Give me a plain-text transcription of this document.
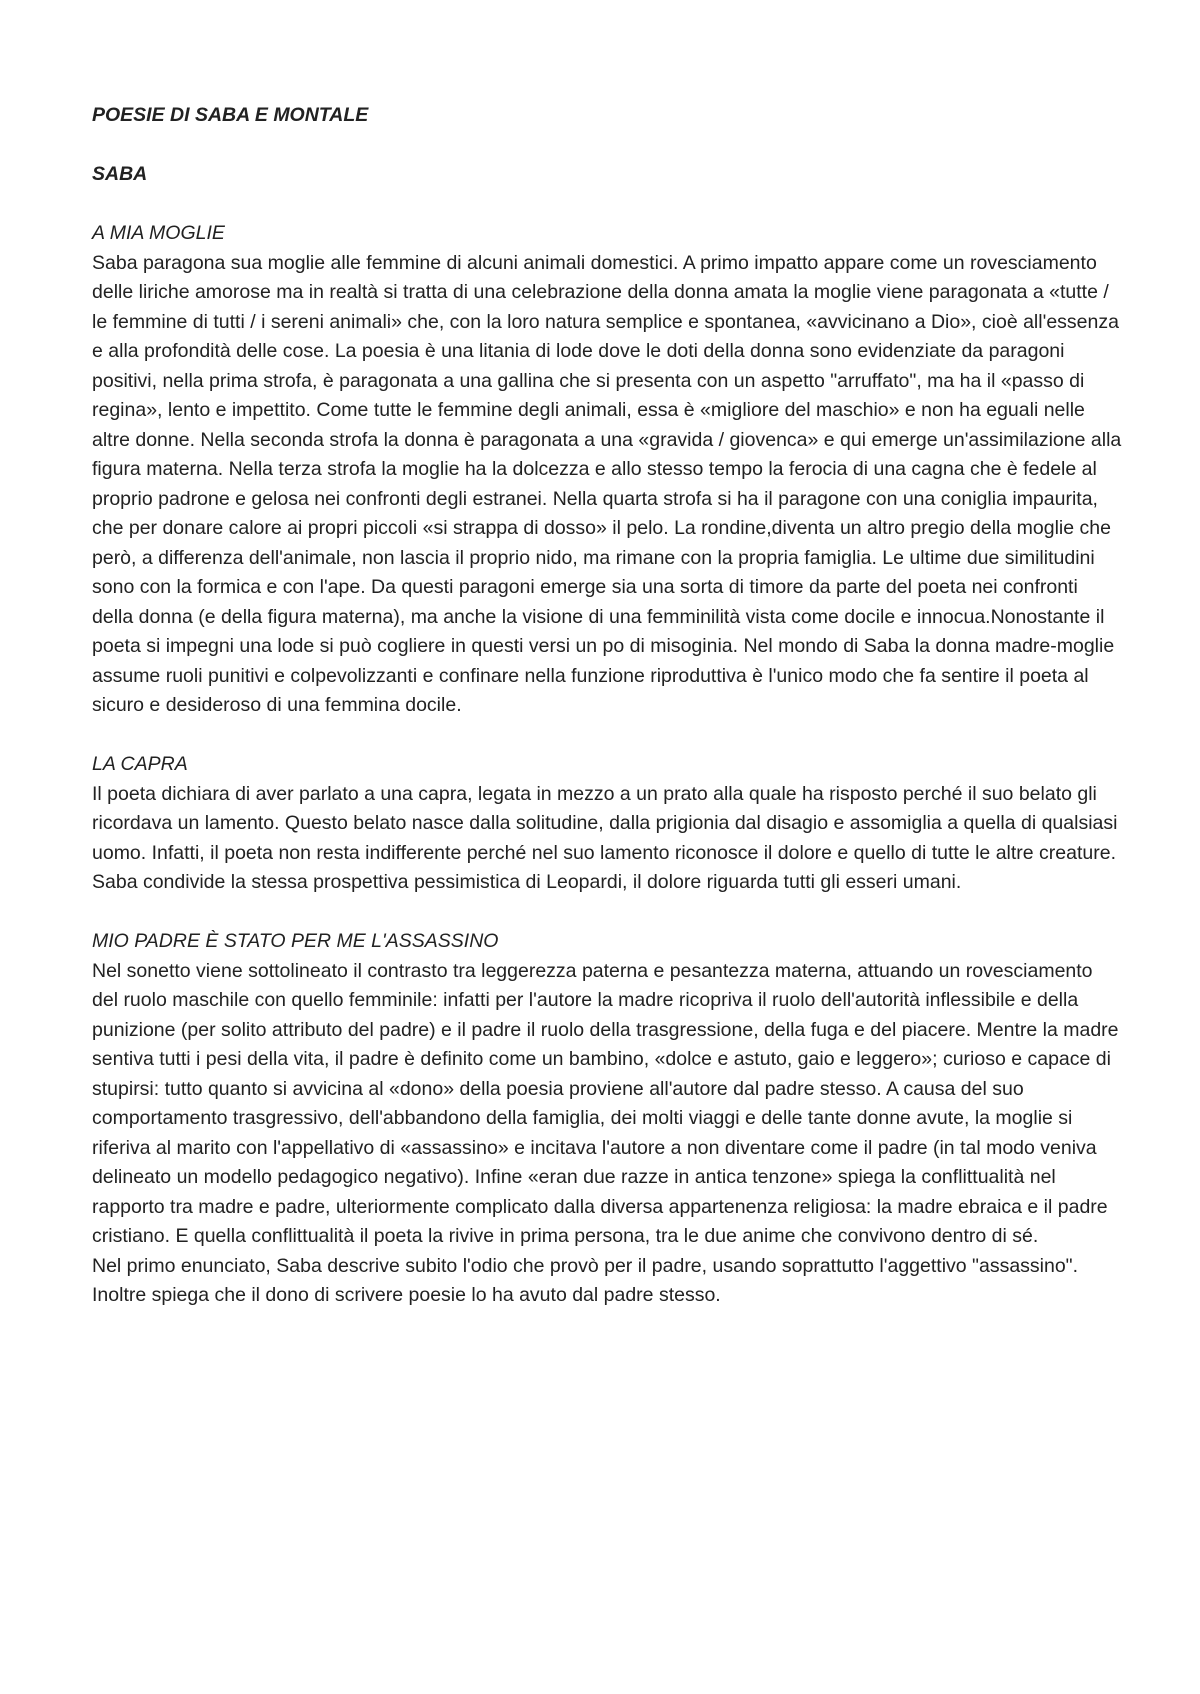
POESIE DI SABA E MONTALE

SABA

A MIA MOGLIE

Saba paragona sua moglie alle femmine di alcuni animali domestici. A primo impatto appare come un rovesciamento delle liriche amorose ma in realtà si tratta di una celebrazione della donna amata la moglie viene paragonata a «tutte / le femmine di tutti / i sereni animali» che, con la loro natura semplice e spontanea, «avvicinano a Dio», cioè all'essenza e alla profondità delle cose. La poesia è una litania di lode dove le doti della donna sono evidenziate da paragoni positivi, nella prima strofa, è paragonata a una gallina che si presenta con un aspetto "arruffato", ma ha il «passo di regina», lento e impettito. Come tutte le femmine degli animali, essa è «migliore del maschio» e non ha eguali nelle altre donne. Nella seconda strofa la donna è paragonata a una «gravida / giovenca» e qui emerge un'assimilazione alla figura materna. Nella terza strofa la moglie ha la dolcezza e allo stesso tempo la ferocia di una cagna che è fedele al proprio padrone e gelosa nei confronti degli estranei. Nella quarta strofa si ha il paragone con una coniglia impaurita, che per donare calore ai propri piccoli «si strappa di dosso» il pelo. La rondine,diventa un altro pregio della moglie che però, a differenza dell'animale, non lascia il proprio nido, ma rimane con la propria famiglia. Le ultime due similitudini sono con la formica e con l'ape. Da questi paragoni emerge sia una sorta di timore da parte del poeta nei confronti della donna (e della figura materna), ma anche la visione di una femminilità vista come docile e innocua.Nonostante il poeta si impegni una lode si può cogliere in questi versi un po di misoginia. Nel mondo di Saba la donna madre-moglie assume ruoli punitivi e colpevolizzanti e confinare nella funzione riproduttiva è l'unico modo che fa sentire il poeta al sicuro e desideroso di una femmina docile.

LA CAPRA

Il poeta dichiara di aver parlato a una capra, legata in mezzo a un prato alla quale ha risposto perché il suo belato gli ricordava un lamento. Questo belato nasce dalla solitudine, dalla prigionia dal disagio e assomiglia a quella di qualsiasi uomo. Infatti, il poeta non resta indifferente perché nel suo lamento riconosce il dolore e quello di tutte le altre creature. Saba condivide la stessa prospettiva pessimistica di Leopardi, il dolore riguarda tutti gli esseri umani.

MIO PADRE È STATO PER ME L'ASSASSINO

Nel sonetto viene sottolineato il contrasto tra leggerezza paterna e pesantezza materna, attuando un rovesciamento del ruolo maschile con quello femminile: infatti per l'autore la madre ricopriva il ruolo dell'autorità inflessibile e della punizione (per solito attributo del padre) e il padre il ruolo della trasgressione, della fuga e del piacere. Mentre la madre sentiva tutti i pesi della vita, il padre è definito come un bambino, «dolce e astuto, gaio e leggero»; curioso e capace di stupirsi: tutto quanto si avvicina al «dono» della poesia proviene all'autore dal padre stesso. A causa del suo comportamento trasgressivo, dell'abbandono della famiglia, dei molti viaggi e delle tante donne avute, la moglie si riferiva al marito con l'appellativo di «assassino» e incitava l'autore a non diventare come il padre (in tal modo veniva delineato un modello pedagogico negativo). Infine «eran due razze in antica tenzone» spiega la conflittualità nel rapporto tra madre e padre, ulteriormente complicato dalla diversa appartenenza religiosa: la madre ebraica e il padre cristiano. E quella conflittualità il poeta la rivive in prima persona, tra le due anime che convivono dentro di sé.

Nel primo enunciato, Saba descrive subito l'odio che provò per il padre, usando soprattutto l'aggettivo "assassino". Inoltre spiega che il dono di scrivere poesie lo ha avuto dal padre stesso.
